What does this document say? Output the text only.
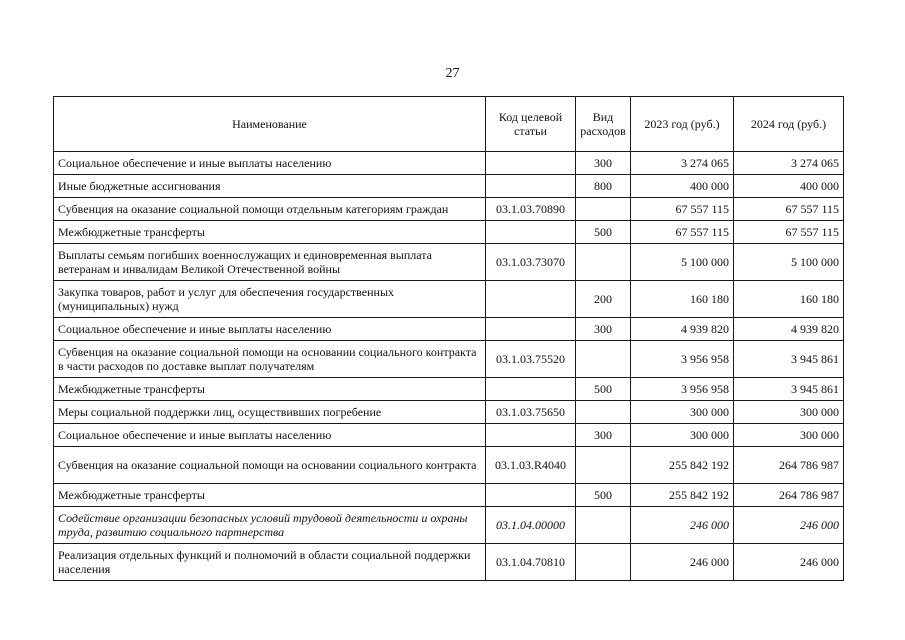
27
Наименование	Код целевой статьи	Вид расходов	2023 год (руб.)	2024 год (руб.)
Социальное обеспечение и иные выплаты населению		300	3 274 065	3 274 065
Иные бюджетные ассигнования		800	400 000	400 000
Субвенция на оказание социальной помощи отдельным категориям граждан	03.1.03.70890		67 557 115	67 557 115
Межбюджетные трансферты		500	67 557 115	67 557 115
Выплаты семьям погибших военнослужащих и единовременная выплата ветеранам и инвалидам Великой Отечественной войны	03.1.03.73070		5 100 000	5 100 000
Закупка товаров, работ и услуг для обеспечения государственных (муниципальных) нужд		200	160 180	160 180
Социальное обеспечение и иные выплаты населению		300	4 939 820	4 939 820
Субвенция на оказание социальной помощи на основании социального контракта в части расходов по доставке выплат получателям	03.1.03.75520		3 956 958	3 945 861
Межбюджетные трансферты		500	3 956 958	3 945 861
Меры социальной поддержки лиц, осуществивших погребение	03.1.03.75650		300 000	300 000
Социальное обеспечение и иные выплаты населению		300	300 000	300 000
Субвенция на оказание социальной помощи на основании социального контракта	03.1.03.R4040		255 842 192	264 786 987
Межбюджетные трансферты		500	255 842 192	264 786 987
Содействие организации безопасных условий трудовой деятельности и охраны труда, развитию социального партнерства	03.1.04.00000		246 000	246 000
Реализация отдельных функций и полномочий в области социальной поддержки населения	03.1.04.70810		246 000	246 000
